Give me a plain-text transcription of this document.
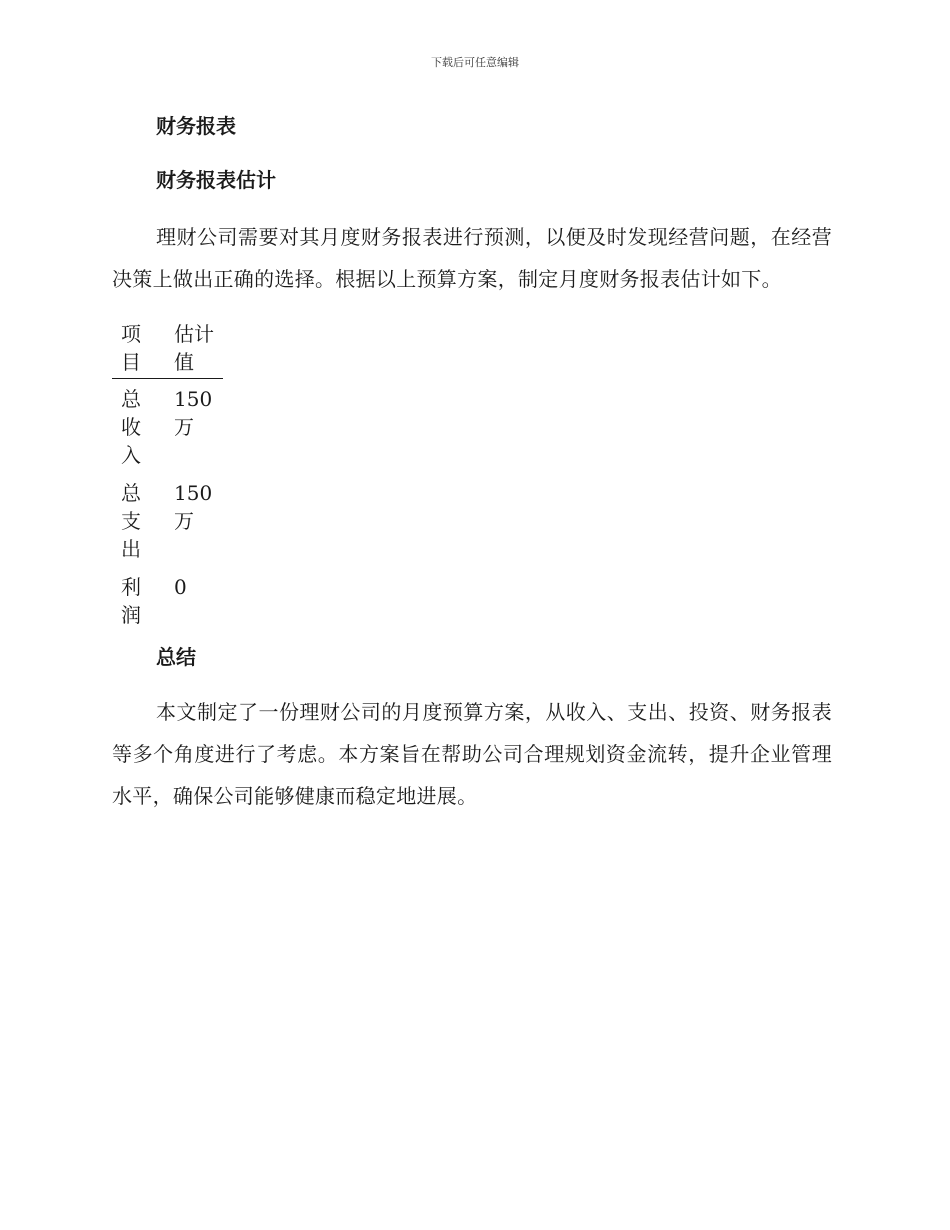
下载后可任意编辑
财务报表
财务报表估计

理财公司需要对其月度财务报表进行预测，以便及时发现经营问题，在经营决策上做出正确的选择。根据以上预算方案，制定月度财务报表估计如下。

项目	估计值
总收入	150万
总支出	150万
利润	0
总结

本文制定了一份理财公司的月度预算方案，从收入、支出、投资、财务报表等多个角度进行了考虑。本方案旨在帮助公司合理规划资金流转，提升企业管理水平，确保公司能够健康而稳定地进展。
